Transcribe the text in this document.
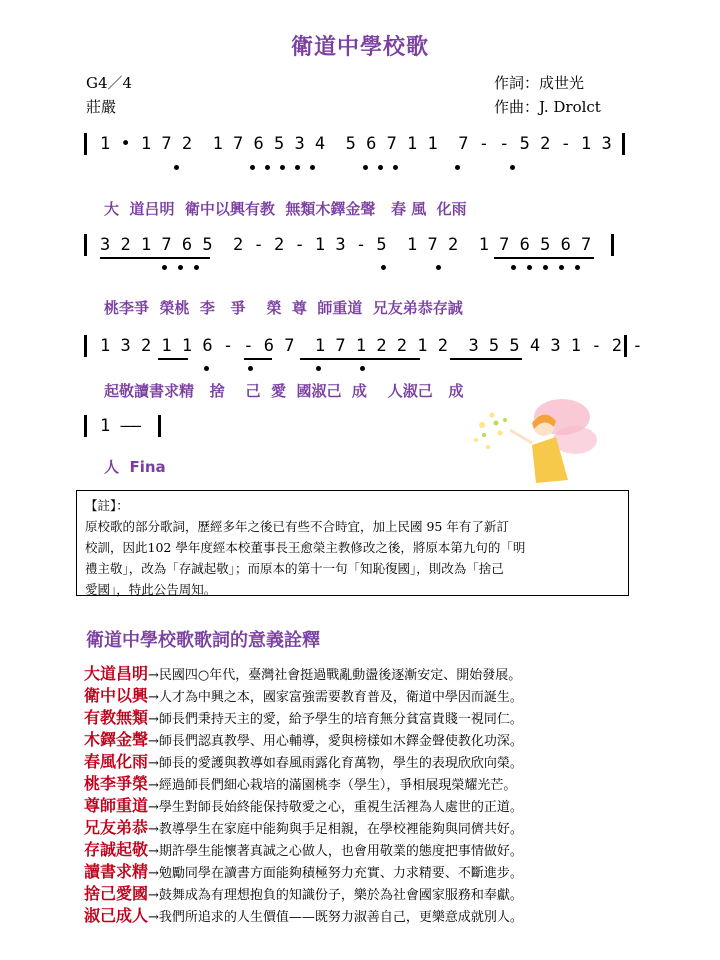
衛道中學校歌
G4／4
莊嚴
作詞：成世光
作曲：J. Drolct
1 • 1 7 2  1 7 6 5 3 4  5 6 7 1 1  7 - - 5 2 - 1 3
大  道吕明  衛中以興有教  無類木鐸金聲   春 風  化雨
3 2 1 7 6 5  2 - 2 - 1 3 - 5  1 7 2  1 7 6 5 6 7
桃李爭  榮桃  李   爭    榮  尊  師重道  兄友弟恭存誠
1 3 2 1 1 6 - - 6 7  1 7 1 2 2 1 2  3 5 5 4 3 1 - 2 -
起敬讀書求精   捨    己  愛  國淑己  成    人淑己   成
1 ——
人  Fina
【註】：
原校歌的部分歌詞，歷經多年之後已有些不合時宜，加上民國 95 年有了新訂
校訓，因此102 學年度經本校董事長王愈榮主教修改之後，將原本第九句的「明
禮主敬」，改為「存誠起敬」；而原本的第十一句「知恥復國」，則改為「捨己
愛國」，特此公告周知。
衛道中學校歌歌詞的意義詮釋
大道昌明→民國四○年代，臺灣社會挺過戰亂動盪後逐漸安定、開始發展。
衛中以興→人才為中興之本，國家富強需要教育普及，衛道中學因而誕生。
有教無類→師長們秉持天主的愛，給予學生的培育無分貧富貴賤一視同仁。
木鐸金聲→師長們認真教學、用心輔導，愛與榜樣如木鐸金聲使教化功深。
春風化雨→師長的愛護與教導如春風雨露化育萬物，學生的表現欣欣向榮。
桃李爭榮→經過師長們細心栽培的滿園桃李（學生），爭相展現榮耀光芒。
尊師重道→學生對師長始終能保持敬愛之心，重視生活裡為人處世的正道。
兄友弟恭→教導學生在家庭中能夠與手足相親，在學校裡能夠與同儕共好。
存誠起敬→期許學生能懷著真誠之心做人，也會用敬業的態度把事情做好。
讀書求精→勉勵同學在讀書方面能夠積極努力充實、力求精要、不斷進步。
捨己愛國→鼓舞成為有理想抱負的知識份子，樂於為社會國家服務和奉獻。
淑己成人→我們所追求的人生價值——既努力淑善自己，更樂意成就別人。
